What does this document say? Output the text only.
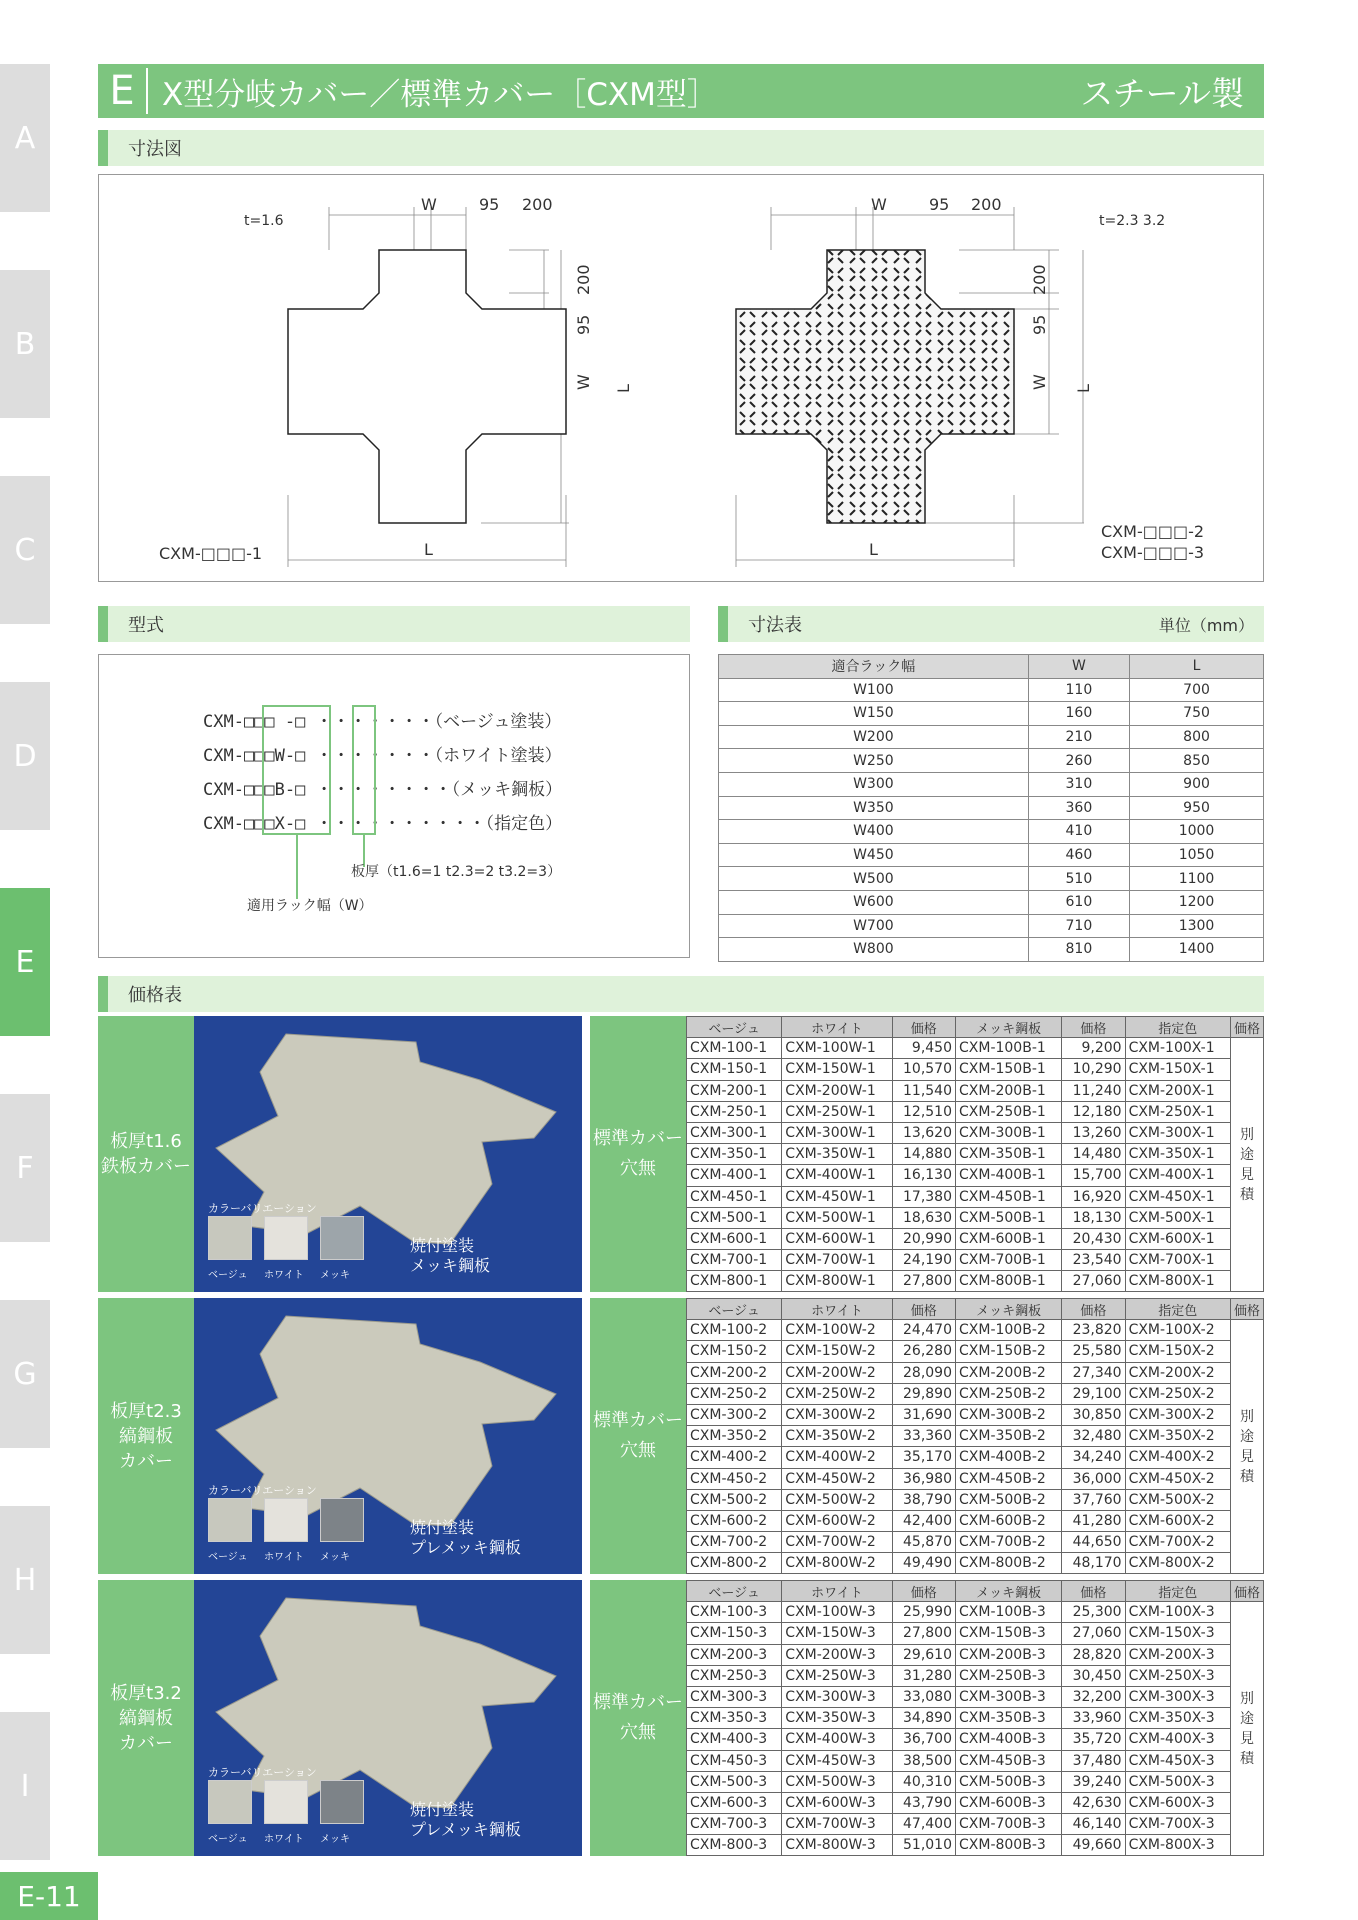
A
B
C
D
E
F
G
H
I
E-11
E X型分岐カバー／標準カバー［CXM型］	スチール製
寸法図
t=1.6
W	95 200
200
95
W L
L
CXM-□□□-1
W	95 200
200
95
W L
L
t=2.3 3.2
CXM-□□□-2
CXM-□□□-3
型式
CXM-□□□ -□ ・・・・・・・（ベージュ塗装）
CXM-□□□W-□ ・・・・・・・（ホワイト塗装）
CXM-□□□B-□ ・・・・・・・・（メッキ鋼板）
CXM-□□□X-□ ・・・・・・・・・・（指定色）
板厚（t1.6=1 t2.3=2 t3.2=3）
適用ラック幅（W）
寸法表	単位（mm）
適合ラック幅	W	L
W100	110	700
W150	160	750
W200	210	800
W250	260	850
W300	310	900
W350	360	950
W400	410	1000
W450	460	1050
W500	510	1100
W600	610	1200
W700	710	1300
W800	810	1400
価格表
板厚t1.6
鉄板カバー
カラーバリエーション
ベージュ ホワイト メッキ
焼付塗装
メッキ鋼板
標準カバー
穴無
ベージュ	ホワイト	価格	メッキ鋼板	価格	指定色	価格
CXM-100-1	CXM-100W-1	9,450	CXM-100B-1	9,200	CXM-100X-1	別
途
見
積
CXM-150-1	CXM-150W-1	10,570	CXM-150B-1	10,290	CXM-150X-1	
CXM-200-1	CXM-200W-1	11,540	CXM-200B-1	11,240	CXM-200X-1	
CXM-250-1	CXM-250W-1	12,510	CXM-250B-1	12,180	CXM-250X-1	
CXM-300-1	CXM-300W-1	13,620	CXM-300B-1	13,260	CXM-300X-1	
CXM-350-1	CXM-350W-1	14,880	CXM-350B-1	14,480	CXM-350X-1	
CXM-400-1	CXM-400W-1	16,130	CXM-400B-1	15,700	CXM-400X-1	
CXM-450-1	CXM-450W-1	17,380	CXM-450B-1	16,920	CXM-450X-1	
CXM-500-1	CXM-500W-1	18,630	CXM-500B-1	18,130	CXM-500X-1	
CXM-600-1	CXM-600W-1	20,990	CXM-600B-1	20,430	CXM-600X-1	
CXM-700-1	CXM-700W-1	24,190	CXM-700B-1	23,540	CXM-700X-1	
CXM-800-1	CXM-800W-1	27,800	CXM-800B-1	27,060	CXM-800X-1	
板厚t2.3
縞鋼板
カバー
カラーバリエーション
ベージュ ホワイト メッキ
焼付塗装
プレメッキ鋼板
標準カバー
穴無
ベージュ	ホワイト	価格	メッキ鋼板	価格	指定色	価格
CXM-100-2	CXM-100W-2	24,470	CXM-100B-2	23,820	CXM-100X-2	別
途
見
積
CXM-150-2	CXM-150W-2	26,280	CXM-150B-2	25,580	CXM-150X-2	
CXM-200-2	CXM-200W-2	28,090	CXM-200B-2	27,340	CXM-200X-2	
CXM-250-2	CXM-250W-2	29,890	CXM-250B-2	29,100	CXM-250X-2	
CXM-300-2	CXM-300W-2	31,690	CXM-300B-2	30,850	CXM-300X-2	
CXM-350-2	CXM-350W-2	33,360	CXM-350B-2	32,480	CXM-350X-2	
CXM-400-2	CXM-400W-2	35,170	CXM-400B-2	34,240	CXM-400X-2	
CXM-450-2	CXM-450W-2	36,980	CXM-450B-2	36,000	CXM-450X-2	
CXM-500-2	CXM-500W-2	38,790	CXM-500B-2	37,760	CXM-500X-2	
CXM-600-2	CXM-600W-2	42,400	CXM-600B-2	41,280	CXM-600X-2	
CXM-700-2	CXM-700W-2	45,870	CXM-700B-2	44,650	CXM-700X-2	
CXM-800-2	CXM-800W-2	49,490	CXM-800B-2	48,170	CXM-800X-2	
板厚t3.2
縞鋼板
カバー
カラーバリエーション
ベージュ ホワイト メッキ
焼付塗装
プレメッキ鋼板
標準カバー
穴無
ベージュ	ホワイト	価格	メッキ鋼板	価格	指定色	価格
CXM-100-3	CXM-100W-3	25,990	CXM-100B-3	25,300	CXM-100X-3	別
途
見
積
CXM-150-3	CXM-150W-3	27,800	CXM-150B-3	27,060	CXM-150X-3	
CXM-200-3	CXM-200W-3	29,610	CXM-200B-3	28,820	CXM-200X-3	
CXM-250-3	CXM-250W-3	31,280	CXM-250B-3	30,450	CXM-250X-3	
CXM-300-3	CXM-300W-3	33,080	CXM-300B-3	32,200	CXM-300X-3	
CXM-350-3	CXM-350W-3	34,890	CXM-350B-3	33,960	CXM-350X-3	
CXM-400-3	CXM-400W-3	36,700	CXM-400B-3	35,720	CXM-400X-3	
CXM-450-3	CXM-450W-3	38,500	CXM-450B-3	37,480	CXM-450X-3	
CXM-500-3	CXM-500W-3	40,310	CXM-500B-3	39,240	CXM-500X-3	
CXM-600-3	CXM-600W-3	43,790	CXM-600B-3	42,630	CXM-600X-3	
CXM-700-3	CXM-700W-3	47,400	CXM-700B-3	46,140	CXM-700X-3	
CXM-800-3	CXM-800W-3	51,010	CXM-800B-3	49,660	CXM-800X-3	
